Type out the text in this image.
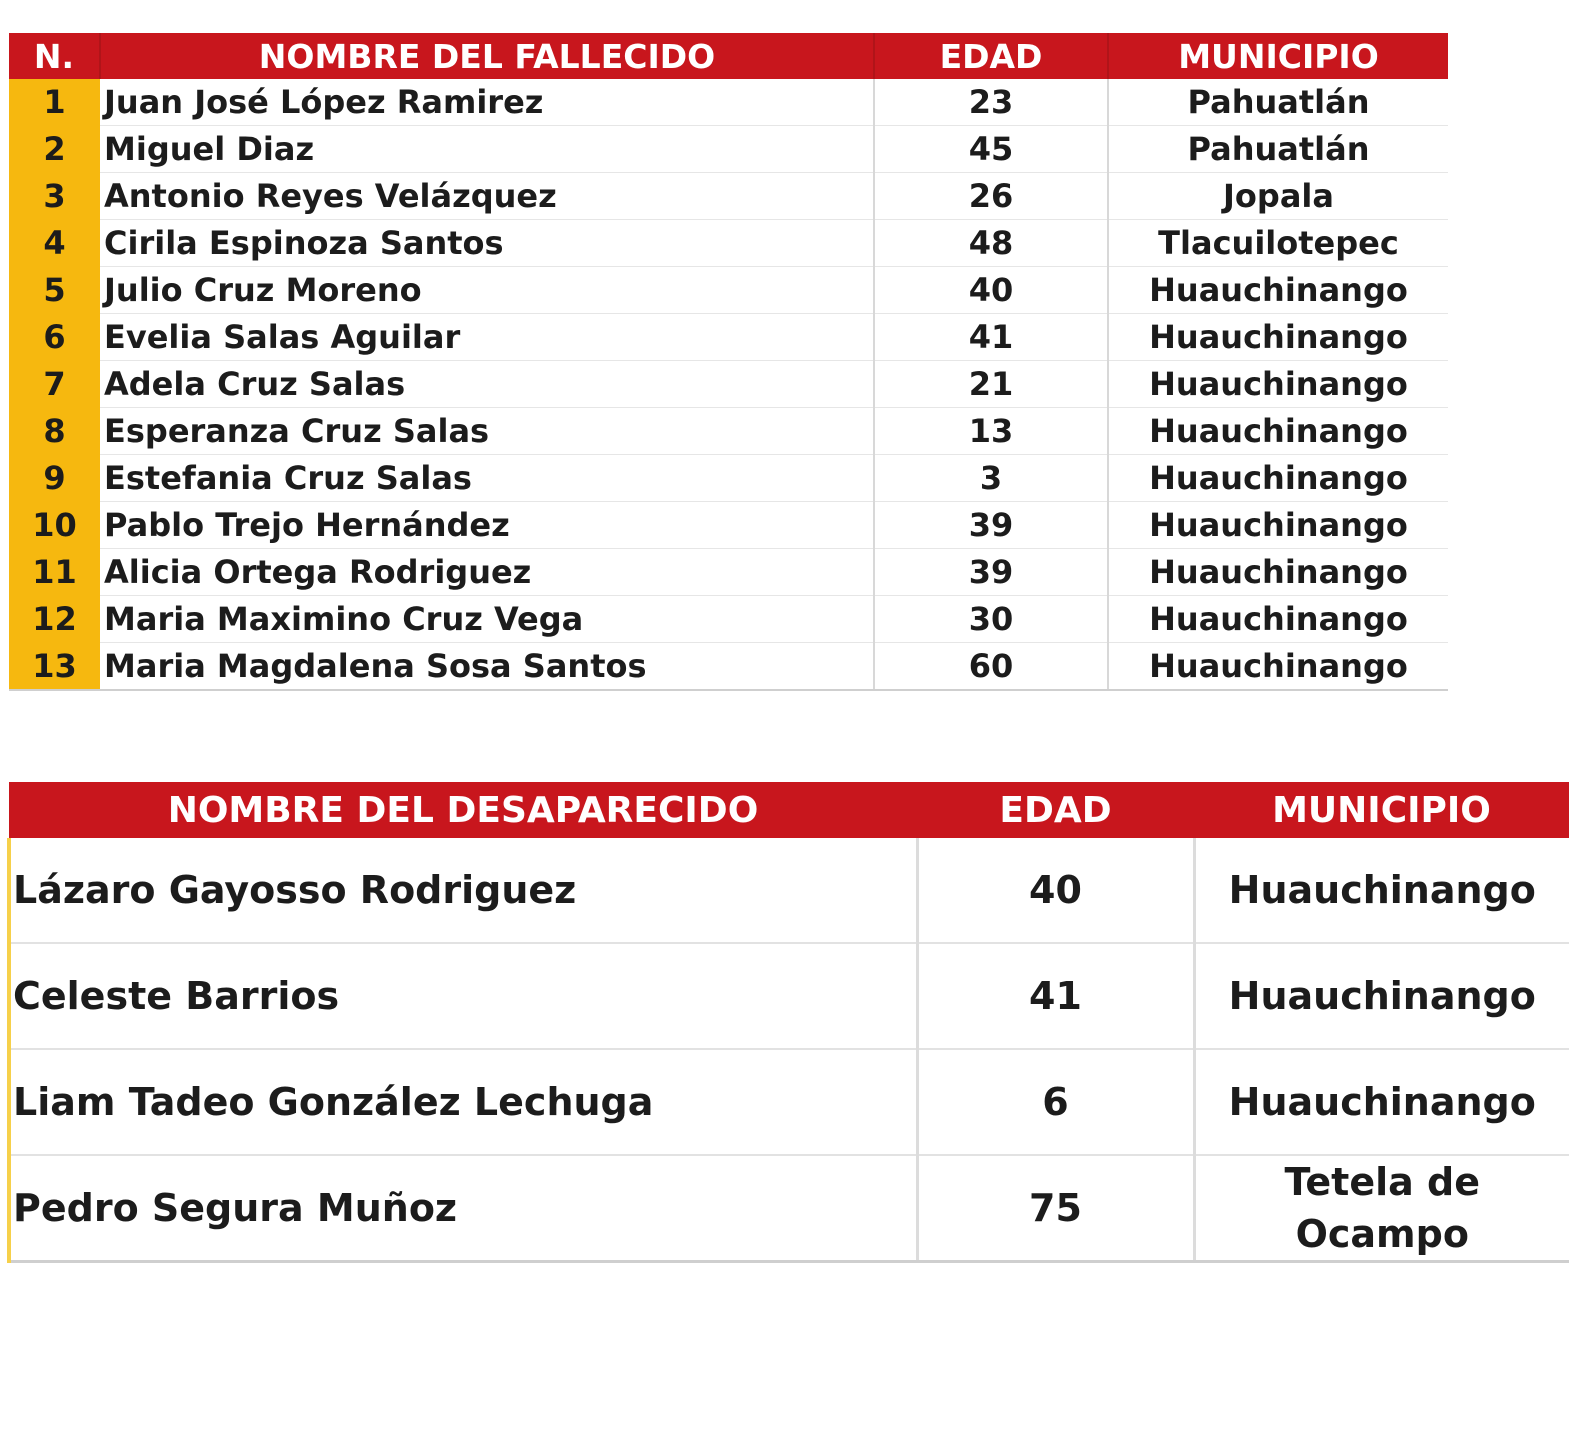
N.	NOMBRE DEL FALLECIDO	EDAD	MUNICIPIO
1	Juan José López Ramirez	23	Pahuatlán
2	Miguel Diaz	45	Pahuatlán
3	Antonio Reyes Velázquez	26	Jopala
4	Cirila Espinoza Santos	48	Tlacuilotepec
5	Julio Cruz Moreno	40	Huauchinango
6	Evelia Salas Aguilar	41	Huauchinango
7	Adela Cruz Salas	21	Huauchinango
8	Esperanza Cruz Salas	13	Huauchinango
9	Estefania Cruz Salas	3	Huauchinango
10	Pablo Trejo Hernández	39	Huauchinango
11	Alicia Ortega Rodriguez	39	Huauchinango
12	Maria Maximino Cruz Vega	30	Huauchinango
13	Maria Magdalena Sosa Santos	60	Huauchinango
NOMBRE DEL DESAPARECIDO	EDAD	MUNICIPIO
Lázaro Gayosso Rodriguez	40	Huauchinango
Celeste Barrios	41	Huauchinango
Liam Tadeo González Lechuga	6	Huauchinango
Pedro Segura Muñoz	75	Tetela de Ocampo
